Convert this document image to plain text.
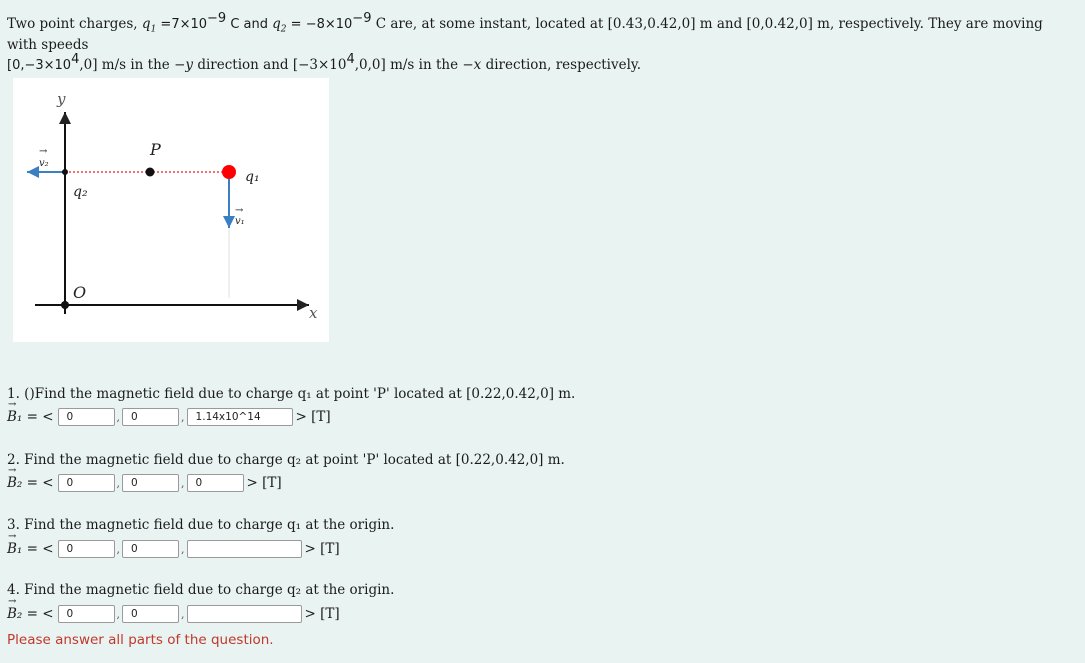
Two point charges, $q_1 =7\times 10^{-9}$ C and $q_2 = -8\times 10^{-9}$ C are, at some instant, located at [0.43,0.42,0] m and [0,0.42,0] m, respectively. They are moving with speeds
$[0,-3\times 10^4,0]$ m/s in the −y direction and $[-3\times 10^4,0,0]$ m/s in the −x direction, respectively.
y
x
O
P
q₁
q₂
v₁
v₂
→
→
1. ()Find the magnetic field due to charge q₁ at point 'P' located at [0.22,0.42,0] m.
→ B₁ = <	0	,	0	,	1.14x10^14	> [T]
2. Find the magnetic field due to charge q₂ at point 'P' located at [0.22,0.42,0] m.
→ B₂ = <	0	,	0	,	0	> [T]
3. Find the magnetic field due to charge q₁ at the origin.
→ B₁ = <	0	,	0	,	> [T]
4. Find the magnetic field due to charge q₂ at the origin.
→ B₂ = <	0	,	0	,	> [T]
Please answer all parts of the question.
